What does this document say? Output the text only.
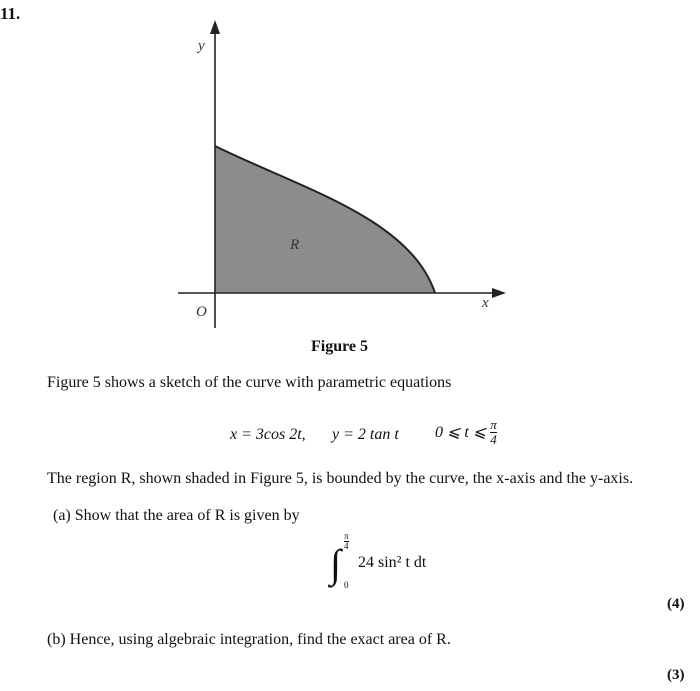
11.
y
x
O
R
Figure 5
Figure 5 shows a sketch of the curve with parametric equations
x = 3cos 2t, y = 2 tan t 0 ⩽ t ⩽ $\frac{\pi}{4}$
The region R, shown shaded in Figure 5, is bounded by the curve, the x-axis and the y-axis.
(a) Show that the area of R is given by
∫
π
4
0
24 sin² t dt
(4)
(b) Hence, using algebraic integration, find the exact area of R.
(3)
